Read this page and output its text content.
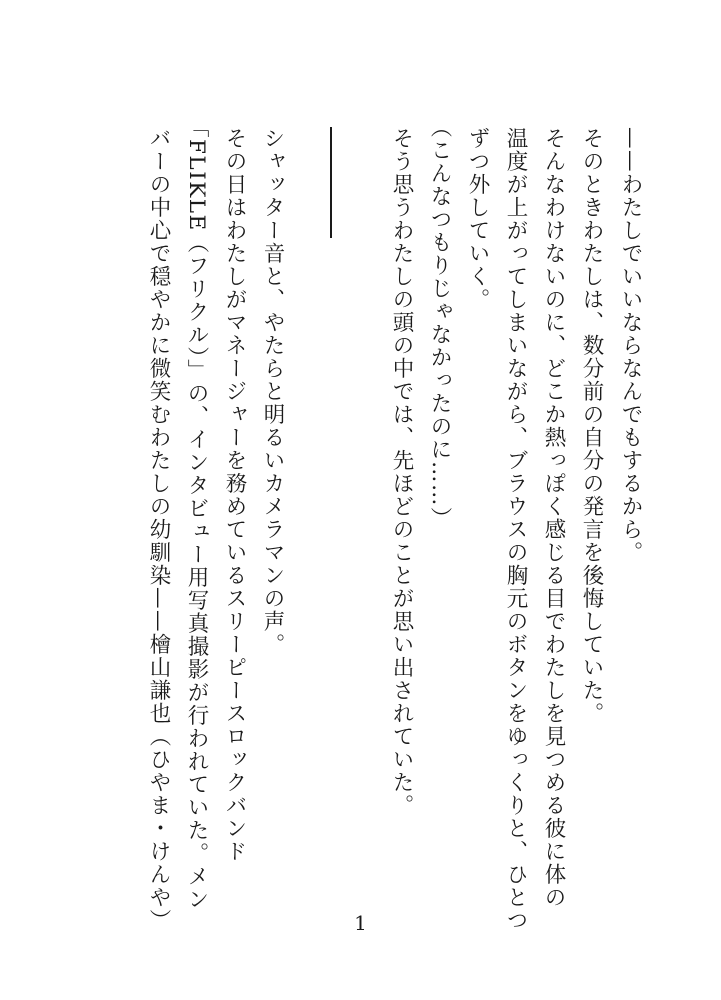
——わたしでいいならなんでもするから。
そのときわたしは、数分前の自分の発言を後悔していた。
そんなわけないのに、どこか熱っぽく感じる目でわたしを見つめる彼に体の
温度が上がってしまいながら、ブラウスの胸元のボタンをゆっくりと、ひとつ
ずつ外していく。
（こんなつもりじゃなかったのに……）
そう思うわたしの頭の中では、先ほどのことが思い出されていた。
シャッター音と、やたらと明るいカメラマンの声。
その日はわたしがマネージャーを務めているスリーピースロックバンド
「FLIKLE（フリクル）」の、インタビュー用写真撮影が行われていた。メン
バーの中心で穏やかに微笑むわたしの幼馴染——檜山謙也（ひやま・けんや）	1
